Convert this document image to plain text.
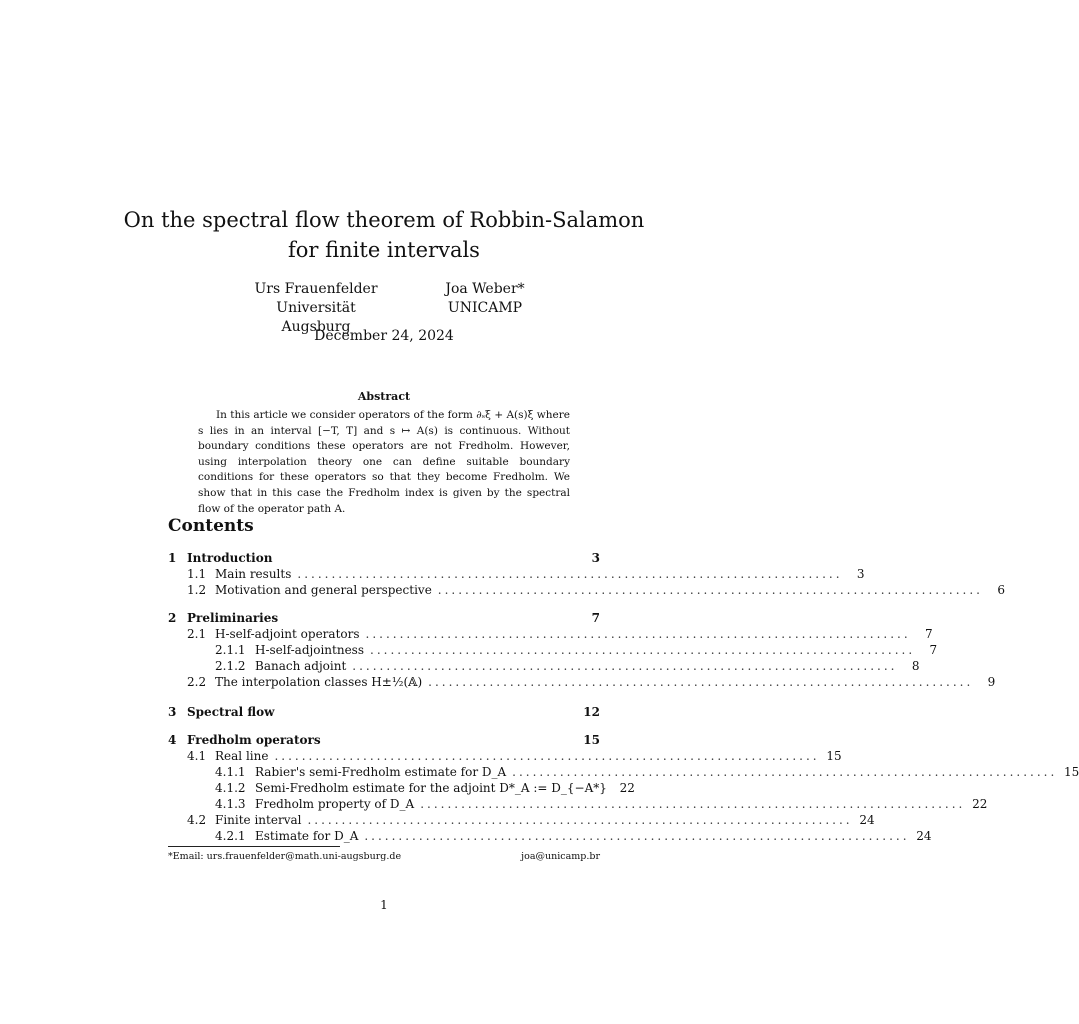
On the spectral flow theorem of Robbin-Salamon
for finite intervals
Urs Frauenfelder
Universität Augsburg
Joa Weber*
UNICAMP
December 24, 2024
Abstract

In this article we consider operators of the form ∂ₛξ + A(s)ξ where s lies in an interval [−T, T] and s ↦ A(s) is continuous. Without boundary conditions these operators are not Fredholm. However, using interpolation theory one can define suitable boundary conditions for these operators so that they become Fredholm. We show that in this case the Fredholm index is given by the spectral flow of the operator path A.

Contents
1 Introduction	3
1.1 Main results ................................................................................	3
1.2 Motivation and general perspective ................................................................................	6
2 Preliminaries	7
2.1 H-self-adjoint operators ................................................................................	7
2.1.1 H-self-adjointness ................................................................................	7
2.1.2 Banach adjoint ................................................................................	8
2.2 The interpolation classes H±½(𝔸) ................................................................................	9
3 Spectral flow	12
4 Fredholm operators	15
4.1 Real line ................................................................................ 15
4.1.1 Rabier's semi-Fredholm estimate for D_A ................................................................................ 15
4.1.2 Semi-Fredholm estimate for the adjoint D*_A := D_{−A*} 22
4.1.3 Fredholm property of D_A ................................................................................ 22
4.2 Finite interval ................................................................................ 24
4.2.1 Estimate for D_A ................................................................................ 24
*Email: urs.frauenfelder@math.uni-augsburg.de	joa@unicamp.br
1
